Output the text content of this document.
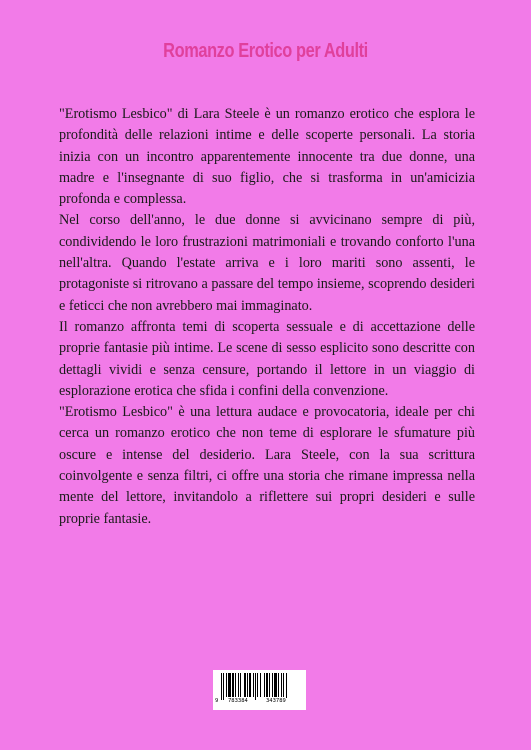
Romanzo Erotico per Adulti

"Erotismo Lesbico" di Lara Steele è un romanzo erotico che esplora le profondità delle relazioni intime e delle scoperte personali. La storia inizia con un incontro apparentemente innocente tra due donne, una madre e l'insegnante di suo figlio, che si trasforma in un'amicizia profonda e complessa.

Nel corso dell'anno, le due donne si avvicinano sempre di più, condividendo le loro frustrazioni matrimoniali e trovando conforto l'una nell'altra. Quando l'estate arriva e i loro mariti sono assenti, le protagoniste si ritrovano a passare del tempo insieme, scoprendo desideri e feticci che non avrebbero mai immaginato.

Il romanzo affronta temi di scoperta sessuale e di accettazione delle proprie fantasie più intime. Le scene di sesso esplicito sono descritte con dettagli vividi e senza censure, portando il lettore in un viaggio di esplorazione erotica che sfida i confini della convenzione.

"Erotismo Lesbico" è una lettura audace e provocatoria, ideale per chi cerca un romanzo erotico che non teme di esplorare le sfumature più oscure e intense del desiderio. Lara Steele, con la sua scrittura coinvolgente e senza filtri, ci offre una storia che rimane impressa nella mente del lettore, invitandolo a riflettere sui propri desideri e sulle proprie fantasie.

9 783384	343789
